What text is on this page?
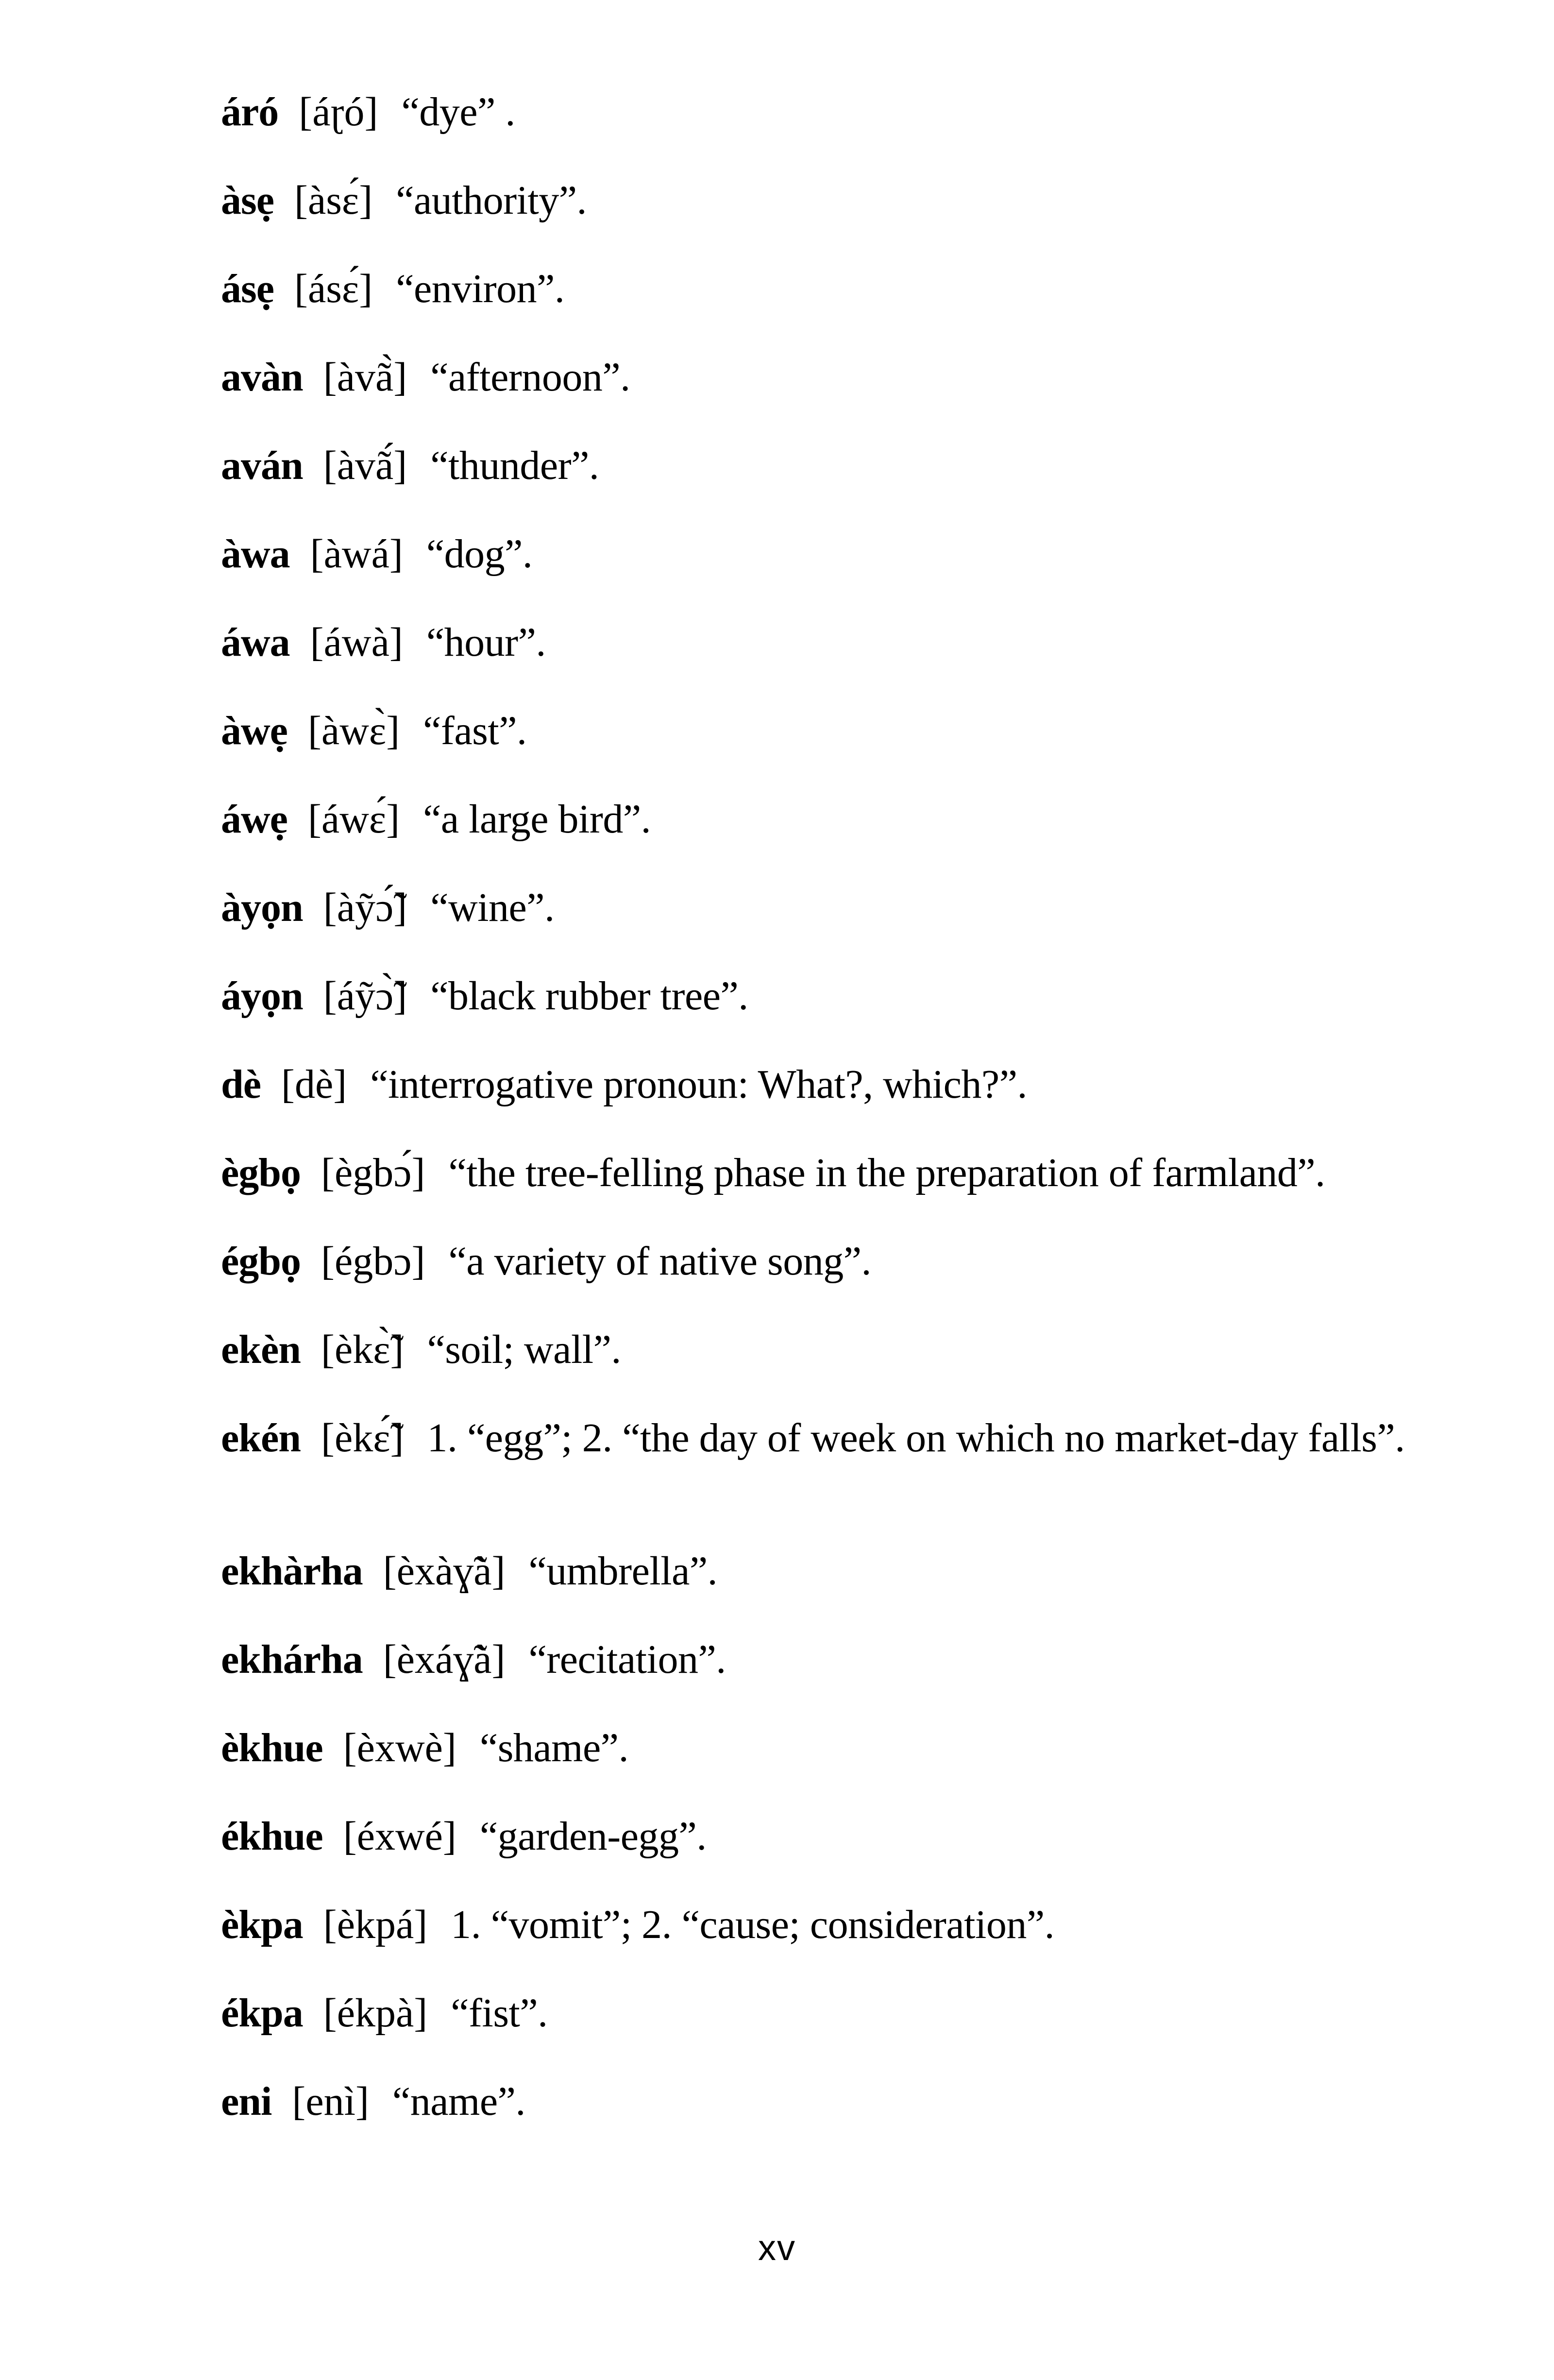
áró [áɽó] “dye” .
àsẹ [àsɛ́] “authority”.
ásẹ [ásɛ́] “environ”.
avàn [àvã̀] “afternoon”.
aván [àvã́] “thunder”.
àwa [àwá] “dog”.
áwa [áwà] “hour”.
àwẹ [àwɛ̀] “fast”.
áwẹ [áwɛ́] “a large bird”.
àyọn [àỹɔ̃́] “wine”.
áyọn [áỹɔ̃̀] “black rubber tree”.
dè [dè] “interrogative pronoun: What?, which?”.
ègbọ [ègbɔ́] “the tree-felling phase in the preparation of farmland”.
égbọ [égbɔ] “a variety of native song”.
ekèn [èkɛ̃̀] “soil; wall”.
ekén [èkɛ̃́] 1. “egg”; 2. “the day of week on which no market-day falls”.
ekhàrha [èxàɣ̃à] “umbrella”.
ekhárha [èxáɣ̃à] “recitation”.
èkhue [èxwè] “shame”.
ékhue [éxwé] “garden-egg”.
èkpa [èkpá] 1. “vomit”; 2. “cause; consideration”.
ékpa [ékpà] “fist”.
eni [enì] “name”.
xv
